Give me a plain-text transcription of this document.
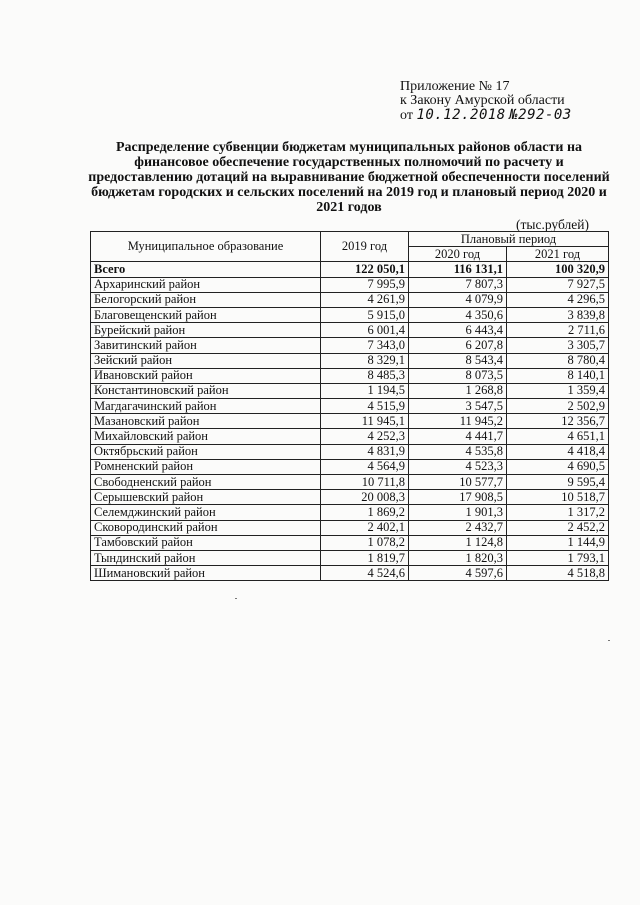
Приложение № 17
к Закону Амурской области
от 10.12.2018 №292-03
Распределение субвенции бюджетам муниципальных районов области на финансовое обеспечение государственных полномочий по расчету и предоставлению дотаций на выравнивание бюджетной обеспеченности поселений бюджетам городских и сельских поселений на 2019 год и плановый период 2020 и 2021 годов
(тыс.рублей)
Муниципальное образование	2019 год	Плановый период	
		2020 год	2021 год
Всего	122 050,1	116 131,1	100 320,9
Архаринский район	7 995,9	7 807,3	7 927,5
Белогорский район	4 261,9	4 079,9	4 296,5
Благовещенский район	5 915,0	4 350,6	3 839,8
Бурейский район	6 001,4	6 443,4	2 711,6
Завитинский район	7 343,0	6 207,8	3 305,7
Зейский район	8 329,1	8 543,4	8 780,4
Ивановский район	8 485,3	8 073,5	8 140,1
Константиновский район	1 194,5	1 268,8	1 359,4
Магдагачинский район	4 515,9	3 547,5	2 502,9
Мазановский район	11 945,1	11 945,2	12 356,7
Михайловский район	4 252,3	4 441,7	4 651,1
Октябрьский район	4 831,9	4 535,8	4 418,4
Ромненский район	4 564,9	4 523,3	4 690,5
Свободненский район	10 711,8	10 577,7	9 595,4
Серышевский район	20 008,3	17 908,5	10 518,7
Селемджинский район	1 869,2	1 901,3	1 317,2
Сковородинский район	2 402,1	2 432,7	2 452,2
Тамбовский район	1 078,2	1 124,8	1 144,9
Тындинский район	1 819,7	1 820,3	1 793,1
Шимановский район	4 524,6	4 597,6	4 518,8
